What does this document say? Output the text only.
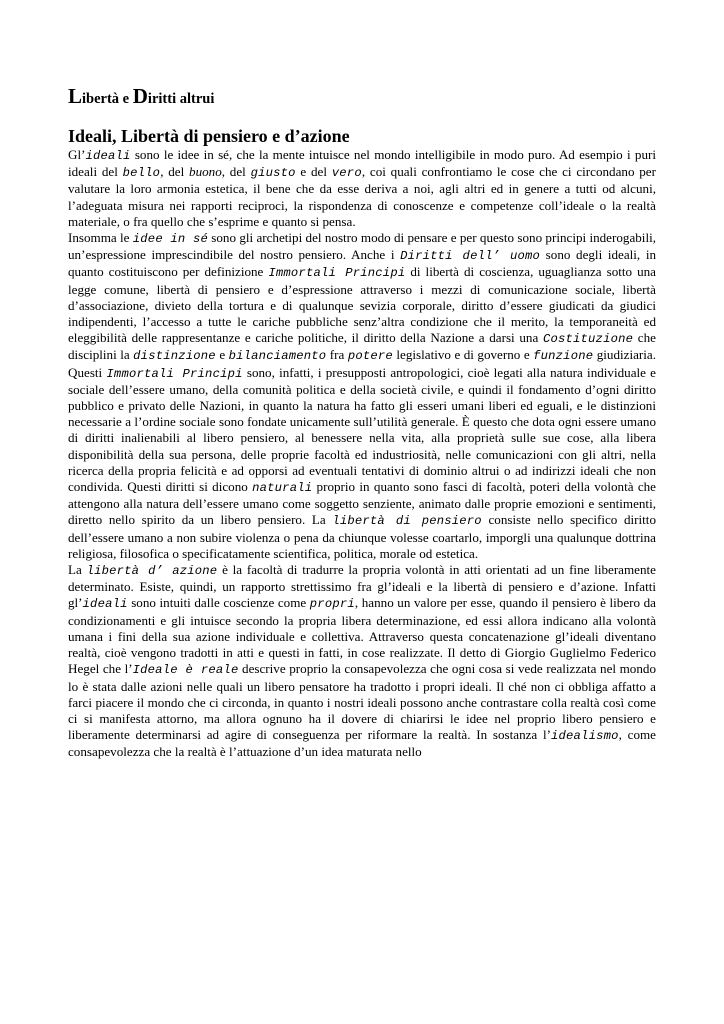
Libertà e Diritti altrui
Ideali, Libertà di pensiero e d’azione

Gl’ideali sono le idee in sé, che la mente intuisce nel mondo intelligibile in modo puro. Ad esempio i puri ideali del bello, del buono, del giusto e del vero, coi quali confrontiamo le cose che ci circondano per valutare la loro armonia estetica, il bene che da esse deriva a noi, agli altri ed in genere a tutti od alcuni, l’adeguata misura nei rapporti reciproci, la rispondenza di conoscenze e competenze coll’ideale o la realtà materiale, o fra quello che s’esprime e quanto si pensa.

Insomma le idee in sé sono gli archetipi del nostro modo di pensare e per questo sono principi inderogabili, un’espressione imprescindibile del nostro pensiero. Anche i Diritti dell’ uomo sono degli ideali, in quanto costituiscono per definizione Immortali Principi di libertà di coscienza, uguaglianza sotto una legge comune, libertà di pensiero e d’espressione attraverso i mezzi di comunicazione sociale, libertà d’associazione, divieto della tortura e di qualunque sevizia corporale, diritto d’essere giudicati da giudici indipendenti, l’accesso a tutte le cariche pubbliche senz’altra condizione che il merito, la temporaneità ed eleggibilità delle rappresentanze e cariche politiche, il diritto della Nazione a darsi una Costituzione che disciplini la distinzione e bilanciamento fra potere legislativo e di governo e funzione giudiziaria. Questi Immortali Principi sono, infatti, i presupposti antropologici, cioè legati alla natura individuale e sociale dell’essere umano, della comunità politica e della società civile, e quindi il fondamento d’ogni diritto pubblico e privato delle Nazioni, in quanto la natura ha fatto gli esseri umani liberi ed eguali, e le distinzioni necessarie a l’ordine sociale sono fondate unicamente sull’utilità generale. È questo che dota ogni essere umano di diritti inalienabili al libero pensiero, al benessere nella vita, alla proprietà sulle sue cose, alla libera disponibilità della sua persona, delle proprie facoltà ed industriosità, nelle comunicazioni con gli altri, nella ricerca della propria felicità e ad opporsi ad eventuali tentativi di dominio altrui o ad indirizzi ideali che non condivida. Questi diritti si dicono naturali proprio in quanto sono fasci di facoltà, poteri della volontà che attengono alla natura dell’essere umano come soggetto senziente, animato dalle proprie emozioni e sentimenti, diretto nello spirito da un libero pensiero. La libertà di pensiero consiste nello specifico diritto dell’essere umano a non subire violenza o pena da chiunque volesse coartarlo, imporgli una qualunque dottrina religiosa, filosofica o specificatamente scientifica, politica, morale od estetica.

La libertà d’ azione è la facoltà di tradurre la propria volontà in atti orientati ad un fine liberamente determinato. Esiste, quindi, un rapporto strettissimo fra gl’ideali e la libertà di pensiero e d’azione. Infatti gl’ideali sono intuiti dalle coscienze come propri, hanno un valore per esse, quando il pensiero è libero da condizionamenti e gli intuisce secondo la propria libera determinazione, ed essi allora indicano alla volontà umana i fini della sua azione individuale e collettiva. Attraverso questa concatenazione gl’ideali diventano realtà, cioè vengono tradotti in atti e questi in fatti, in cose realizzate. Il detto di Giorgio Guglielmo Federico Hegel che l’Ideale è reale descrive proprio la consapevolezza che ogni cosa si vede realizzata nel mondo lo è stata dalle azioni nelle quali un libero pensatore ha tradotto i propri ideali. Il ché non ci obbliga affatto a farci piacere il mondo che ci circonda, in quanto i nostri ideali possono anche contrastare colla realtà così come ci si manifesta attorno, ma allora ognuno ha il dovere di chiarirsi le idee nel proprio libero pensiero e liberamente determinarsi ad agire di conseguenza per riformare la realtà. In sostanza l’idealismo, come consapevolezza che la realtà è l’attuazione d’un idea maturata nello
